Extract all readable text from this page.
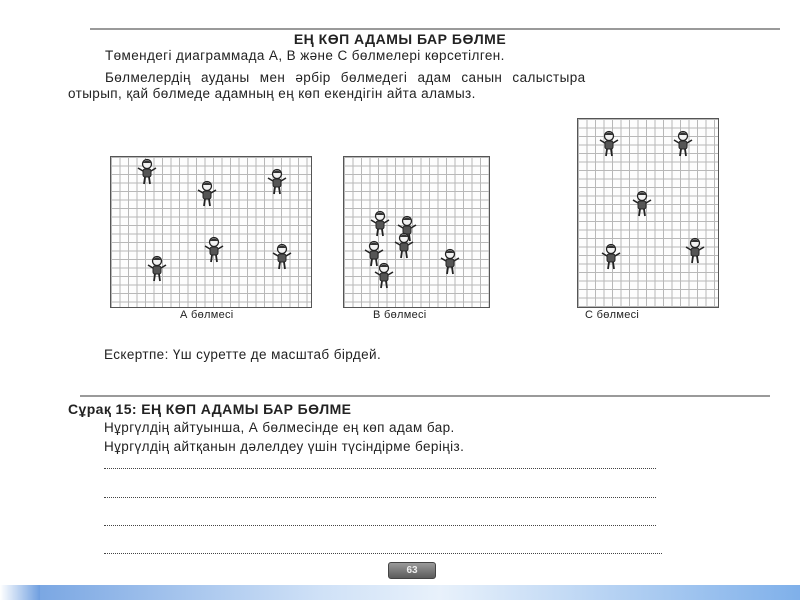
ЕҢ КӨП АДАМЫ БАР БӨЛМЕ
Төмендегі диаграммада А, В және С бөлмелері көрсетілген.
Бөлмелердің ауданы мен әрбір бөлмедегі адам санын салыстыра
отырып, қай бөлмеде адамның ең көп екендігін айта аламыз.
А бөлмесі	В бөлмесі	С бөлмесі
Ескертпе: Үш суретте де масштаб бірдей.
Сұрақ 15: ЕҢ КӨП АДАМЫ БАР БӨЛМЕ
Нұргүлдің айтуынша, А бөлмесінде ең көп адам бар.
Нұргүлдің айтқанын дәлелдеу үшін түсіндірме беріңіз.
63
